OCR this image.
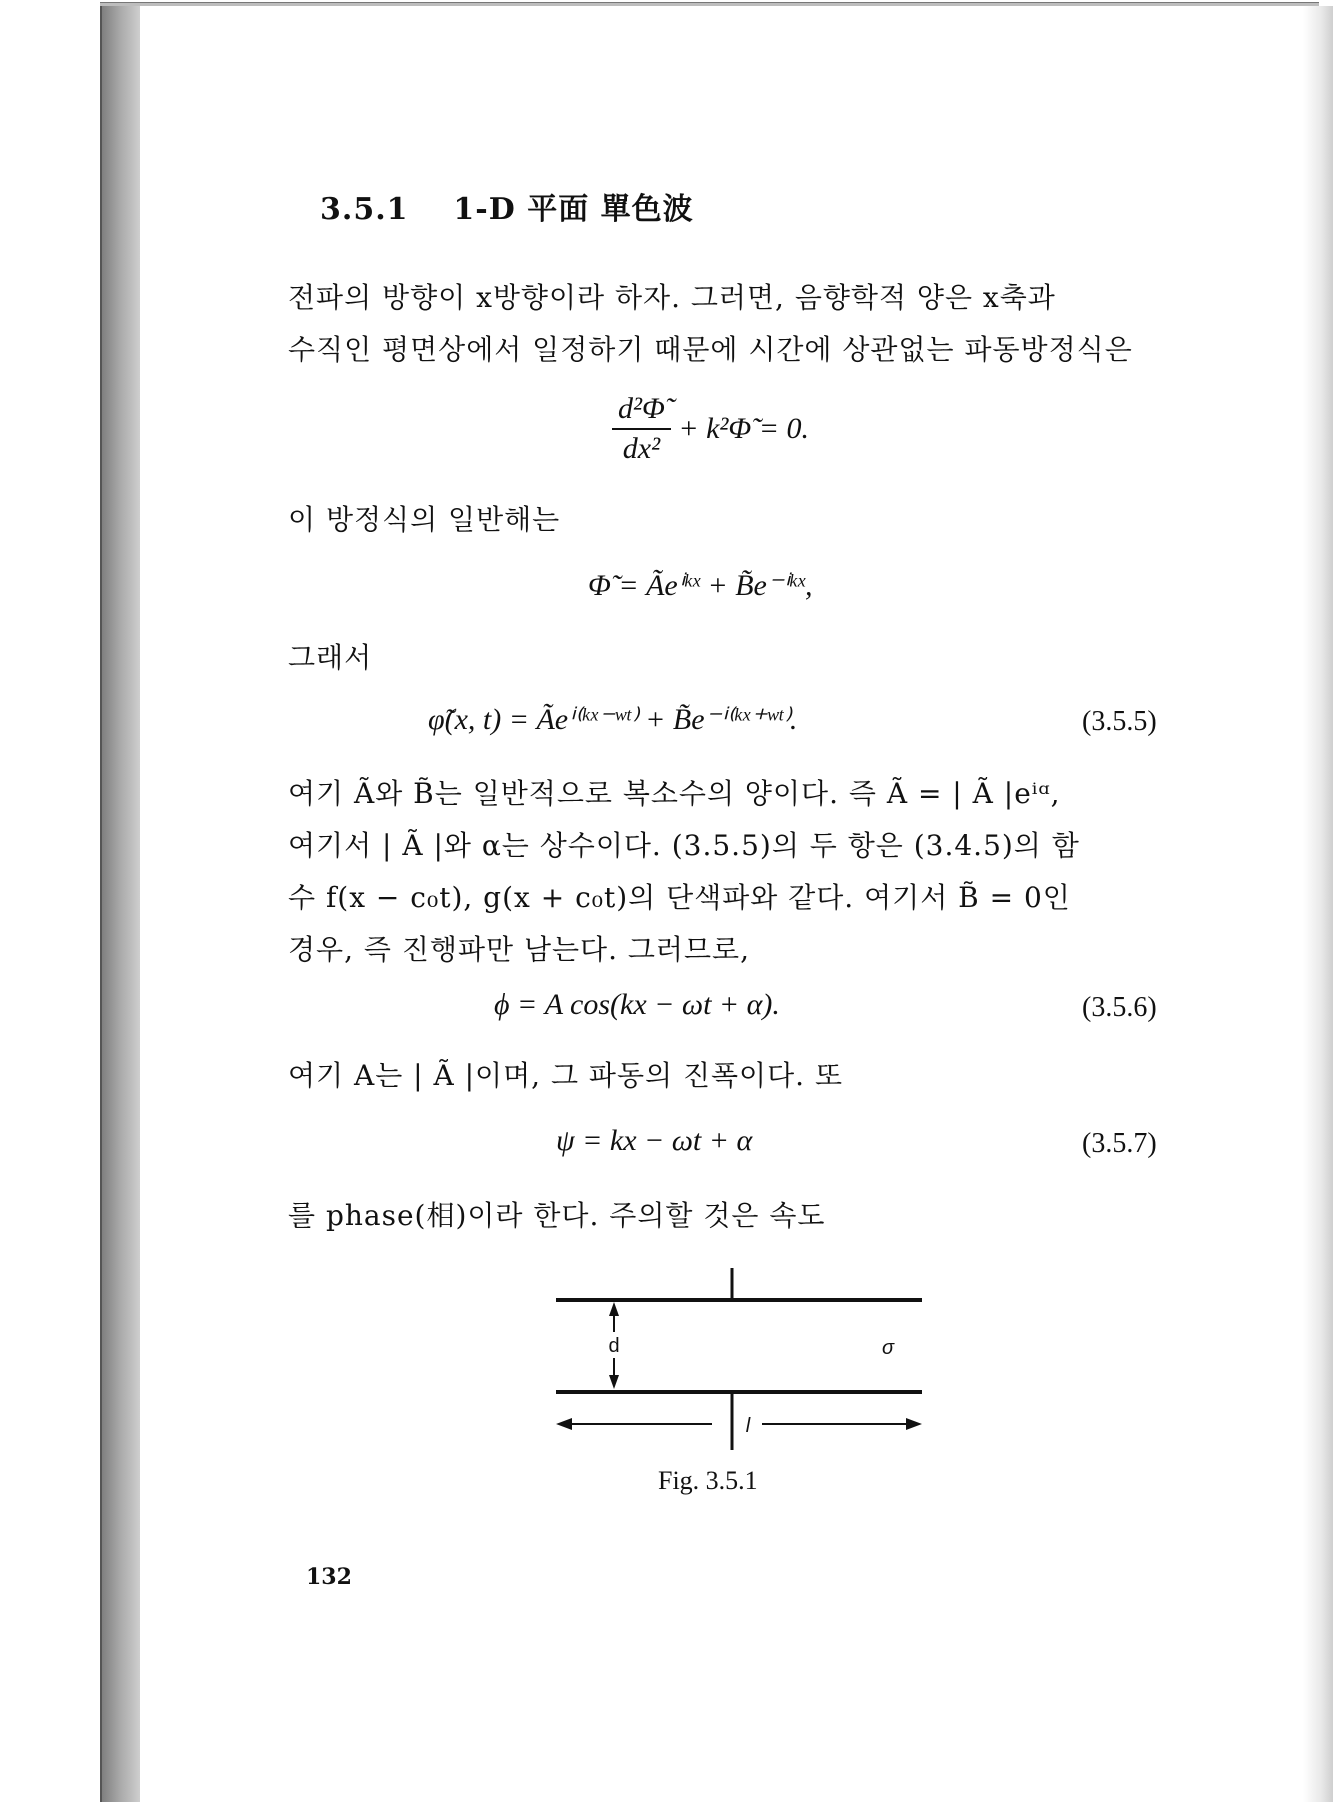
3.5.1 1-D 平面 單色波
전파의 방향이 x방향이라 하자. 그러면, 음향학적 양은 x축과
수직인 평면상에서 일정하기 때문에 시간에 상관없는 파동방정식은
$\frac{\text{d²Φ̃}}{\text{dx²}}$ + k²Φ̃ = 0.
이 방정식의 일반해는
Φ̃ = Ãeⁱᵏˣ + B̃e⁻ⁱᵏˣ,
그래서
φ̃(x, t) = Ãeⁱ⁽ᵏˣ⁻ʷᵗ⁾ + B̃e⁻ⁱ⁽ᵏˣ⁺ʷᵗ⁾.	(3.5.5)
여기 Ã와 B̃는 일반적으로 복소수의 양이다. 즉 Ã = | Ã |eⁱᵅ,
여기서 | Ã |와 α는 상수이다. (3.5.5)의 두 항은 (3.4.5)의 함
수 f(x − c₀t), g(x + c₀t)의 단색파와 같다. 여기서 B̃ = 0인
경우, 즉 진행파만 남는다. 그러므로,
ϕ = A cos(kx − ωt + α).	(3.5.6)
여기 A는 | Ã |이며, 그 파동의 진폭이다. 또
ψ = kx − ωt + α	(3.5.7)
를 phase(相)이라 한다. 주의할 것은 속도
d	σ
l
Fig. 3.5.1
132
